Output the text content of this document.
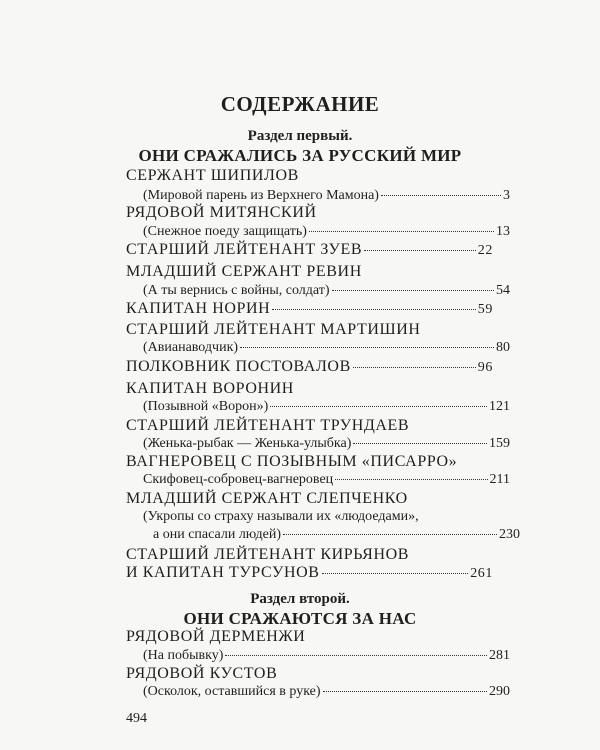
СОДЕРЖАНИЕ
Раздел первый.
ОНИ СРАЖАЛИСЬ ЗА РУССКИЙ МИР
СЕРЖАНТ ШИПИЛОВ
(Мировой парень из Верхнего Мамона)	3
РЯДОВОЙ МИТЯНСКИЙ
(Снежное поеду защищать)	13
СТАРШИЙ ЛЕЙТЕНАНТ ЗУЕВ	22
МЛАДШИЙ СЕРЖАНТ РЕВИН
(А ты вернись с войны, солдат)	54
КАПИТАН НОРИН	59
СТАРШИЙ ЛЕЙТЕНАНТ МАРТИШИН
(Авианаводчик)	80
ПОЛКОВНИК ПОСТОВАЛОВ	96
КАПИТАН ВОРОНИН
(Позывной «Ворон»)	121
СТАРШИЙ ЛЕЙТЕНАНТ ТРУНДАЕВ
(Женька-рыбак — Женька-улыбка)	159
ВАГНЕРОВЕЦ С ПОЗЫВНЫМ «ПИСАРРО»
Скифовец-собровец-вагнеровец	211
МЛАДШИЙ СЕРЖАНТ СЛЕПЧЕНКО
(Укропы со страху называли их «людоедами»,
а они спасали людей)	230
СТАРШИЙ ЛЕЙТЕНАНТ КИРЬЯНОВ
И КАПИТАН ТУРСУНОВ	261
Раздел второй.
ОНИ СРАЖАЮТСЯ ЗА НАС
РЯДОВОЙ ДЕРМЕНЖИ
(На побывку)	281
РЯДОВОЙ КУСТОВ
(Осколок, оставшийся в руке)	290
494
